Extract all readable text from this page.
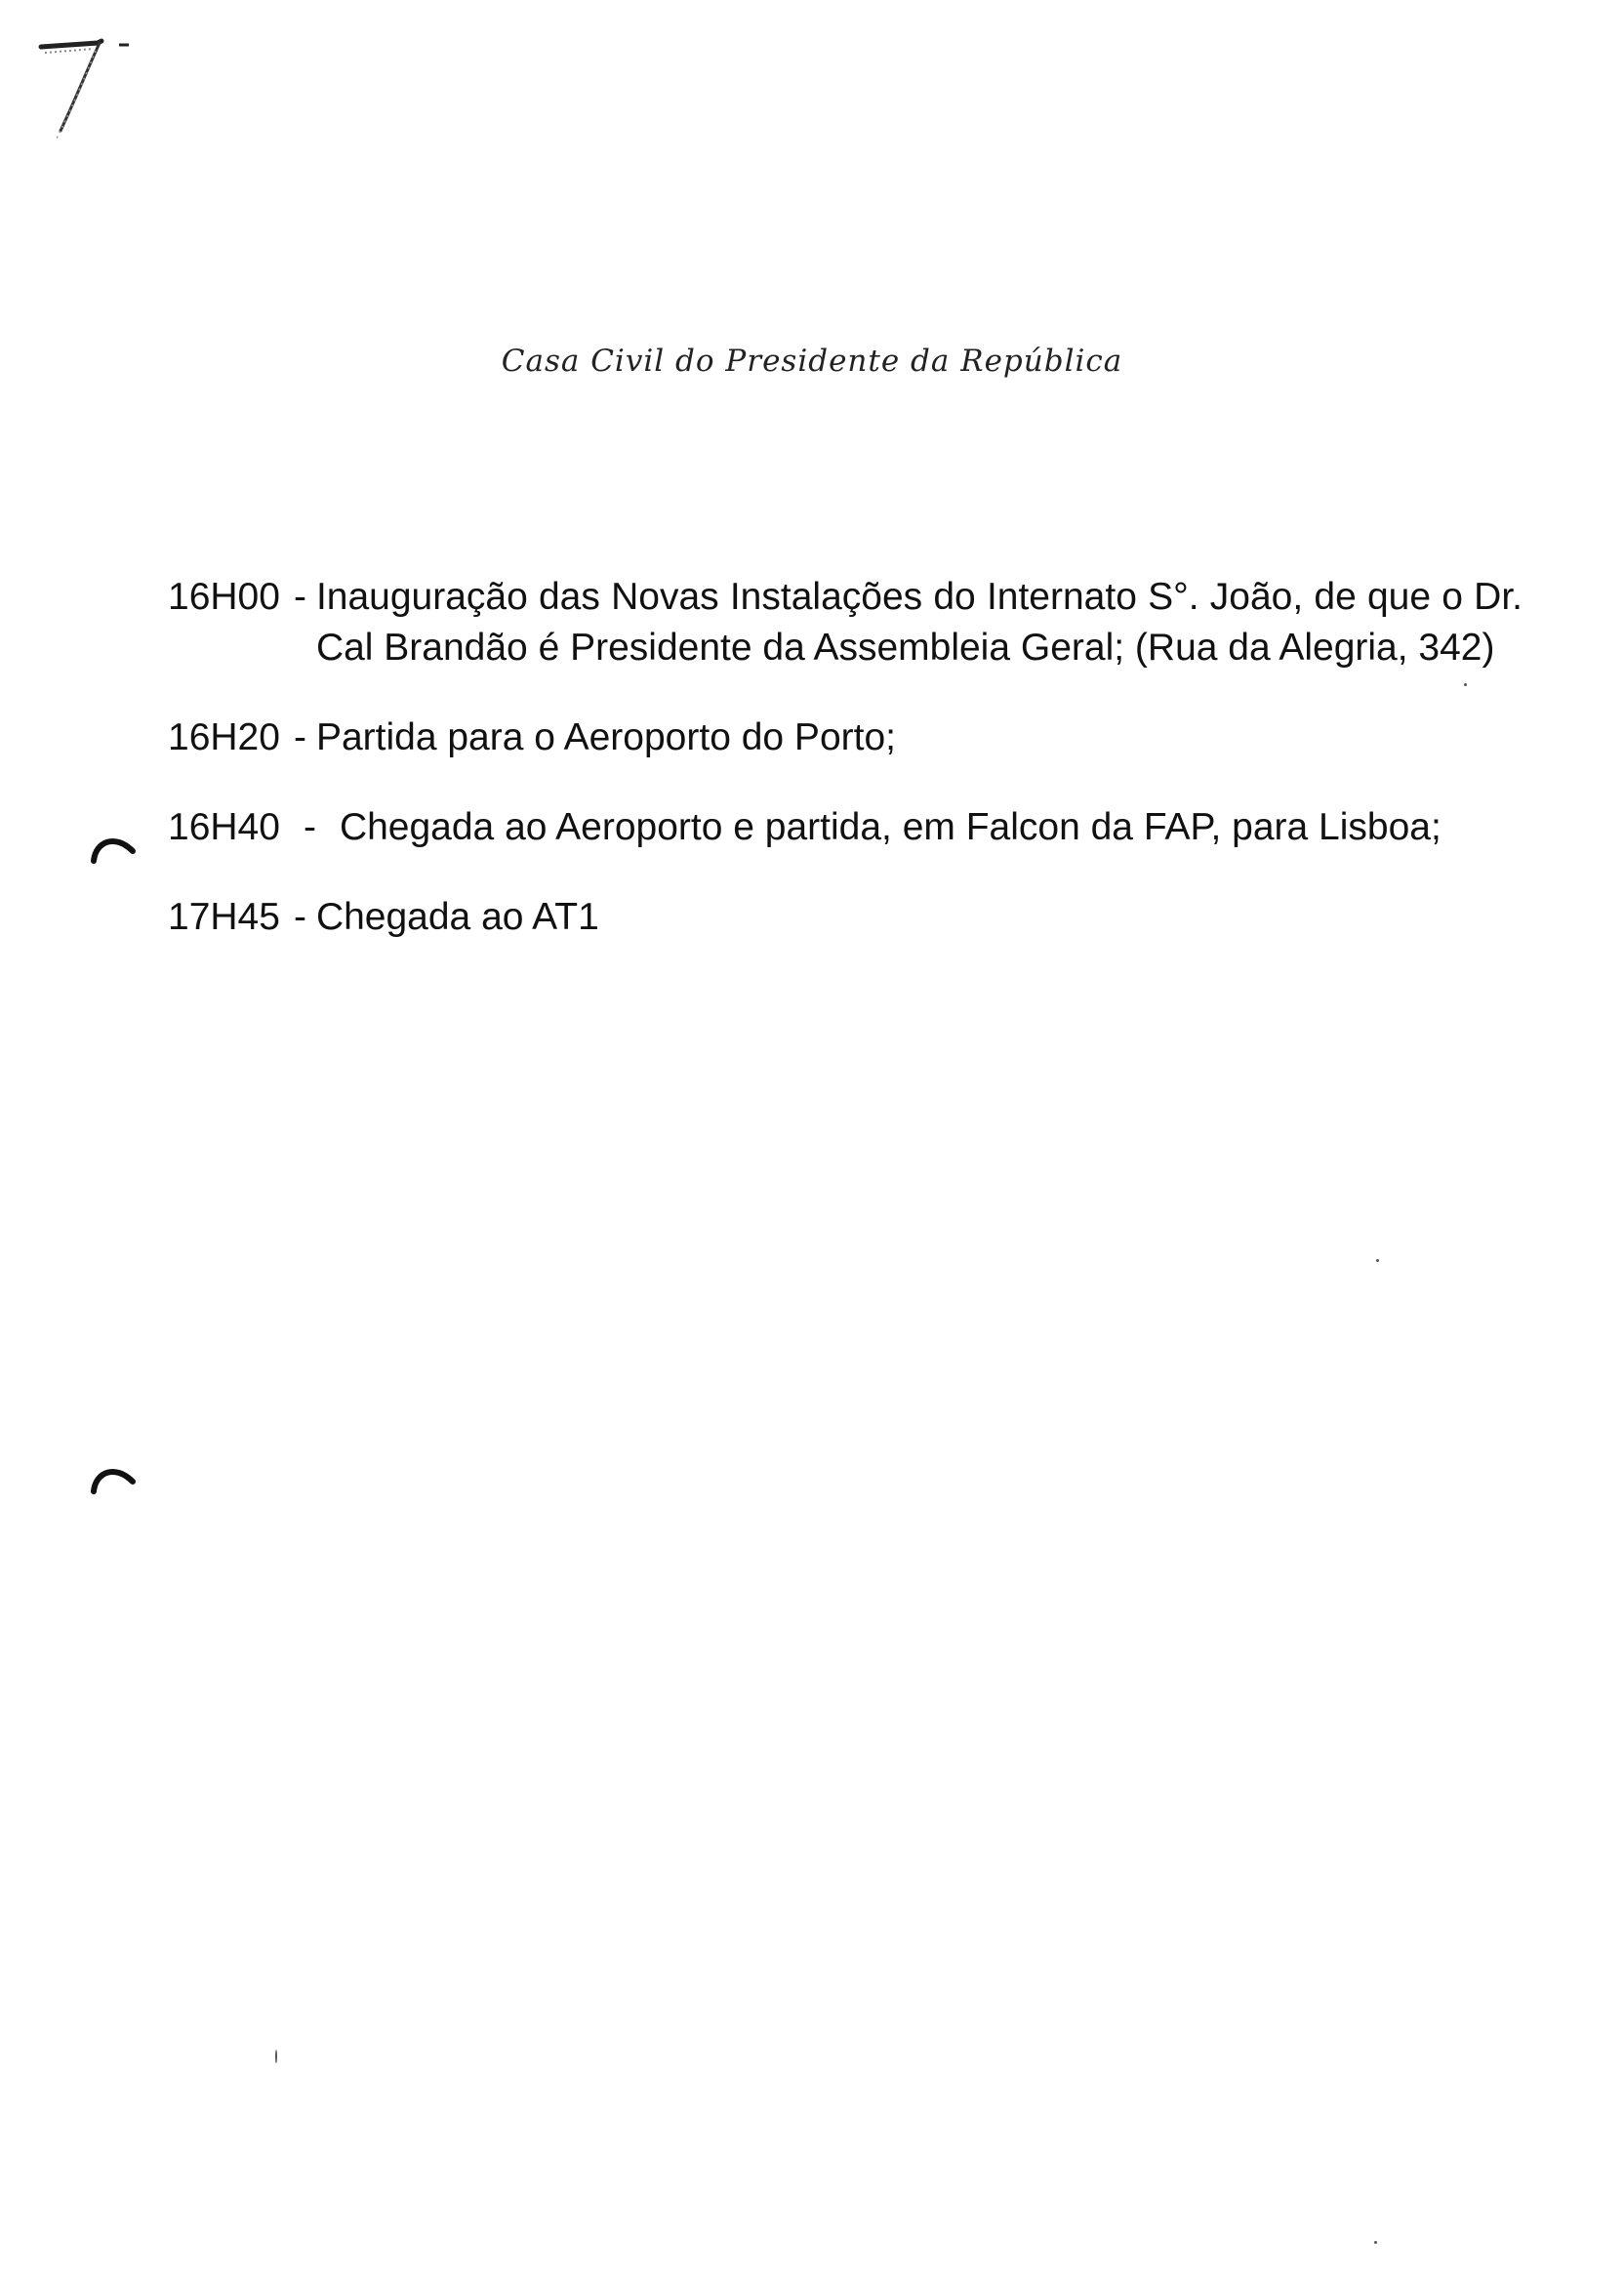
Casa Civil do Presidente da República
16H00 - Inauguração das Novas Instalações do Internato S°. João, de que o Dr. Cal Brandão é Presidente da Assembleia Geral; (Rua da Alegria, 342)
16H20 - Partida para o Aeroporto do Porto;
16H40 - Chegada ao Aeroporto e partida, em Falcon da FAP, para Lisboa;
17H45 - Chegada ao AT1
